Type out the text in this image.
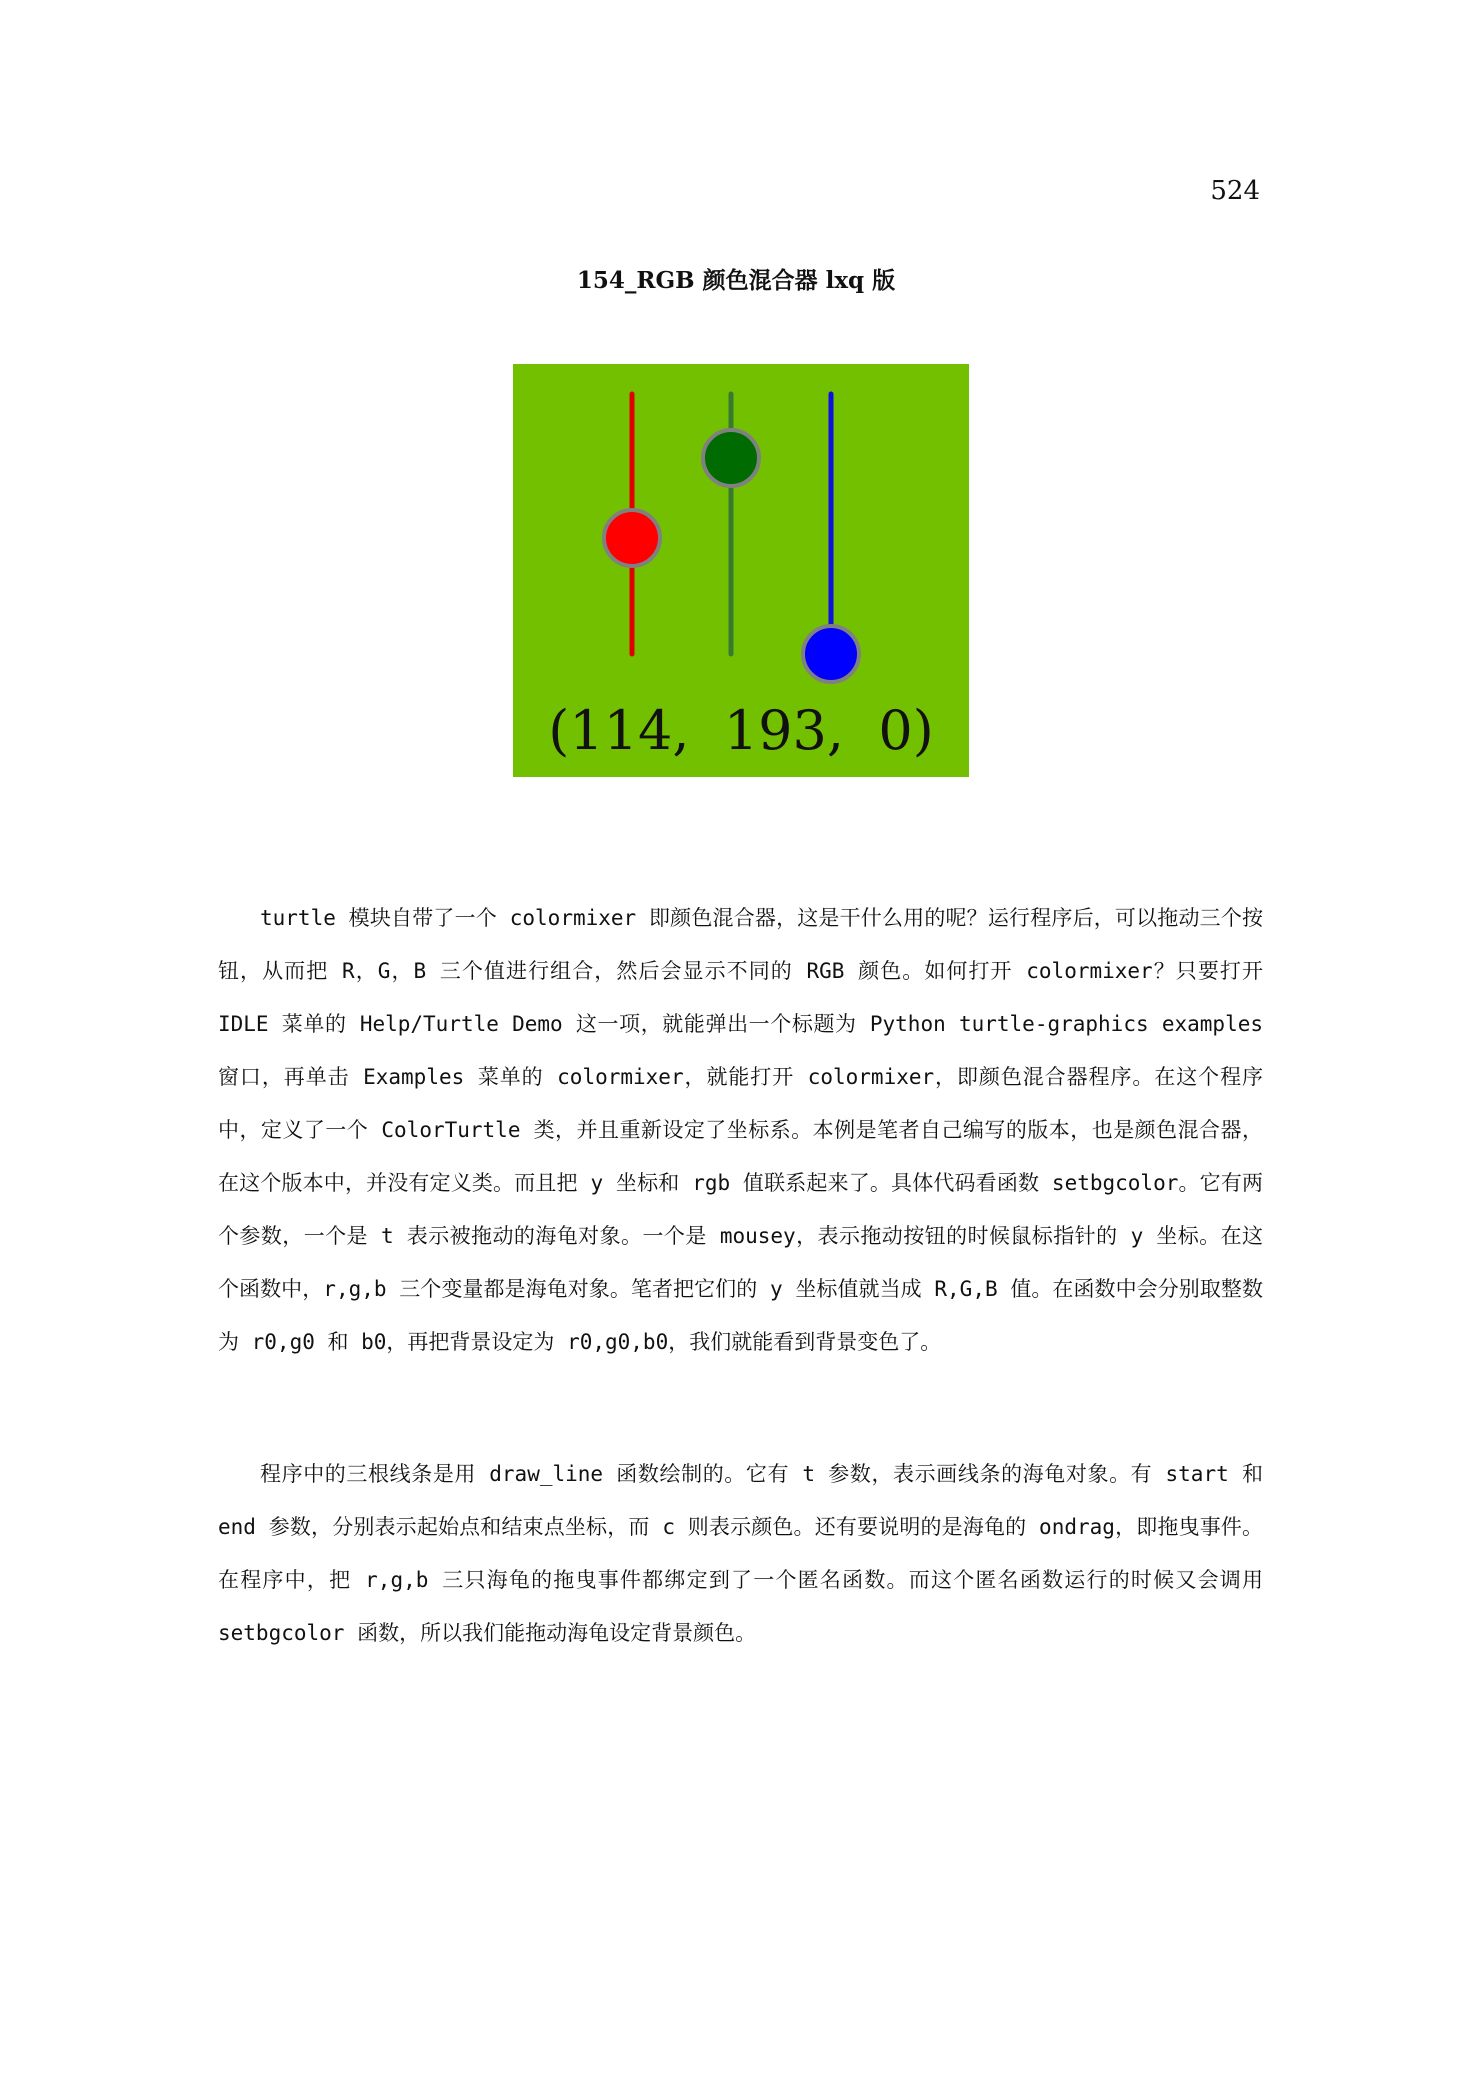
524
154_RGB 颜色混合器 lxq 版
(114,  193,  0)

turtle 模块自带了一个 colormixer 即颜色混合器，这是干什么用的呢？运行程序后，可以拖动三个按钮，从而把 R，G，B 三个值进行组合，然后会显示不同的 RGB 颜色。如何打开 colormixer？只要打开 IDLE 菜单的 Help/Turtle Demo 这一项，就能弹出一个标题为 Python turtle-graphics examples 窗口，再单击 Examples 菜单的 colormixer，就能打开 colormixer，即颜色混合器程序。在这个程序中，定义了一个 ColorTurtle 类，并且重新设定了坐标系。本例是笔者自己编写的版本，也是颜色混合器，在这个版本中，并没有定义类。而且把 y 坐标和 rgb 值联系起来了。具体代码看函数 setbgcolor。它有两个参数，一个是 t 表示被拖动的海龟对象。一个是 mousey，表示拖动按钮的时候鼠标指针的 y 坐标。在这个函数中，r,g,b 三个变量都是海龟对象。笔者把它们的 y 坐标值就当成 R,G,B 值。在函数中会分别取整数为 r0,g0 和 b0，再把背景设定为 r0,g0,b0，我们就能看到背景变色了。

程序中的三根线条是用 draw_line 函数绘制的。它有 t 参数，表示画线条的海龟对象。有 start 和 end 参数，分别表示起始点和结束点坐标，而 c 则表示颜色。还有要说明的是海龟的 ondrag，即拖曳事件。在程序中，把 r,g,b 三只海龟的拖曳事件都绑定到了一个匿名函数。而这个匿名函数运行的时候又会调用 setbgcolor 函数，所以我们能拖动海龟设定背景颜色。
